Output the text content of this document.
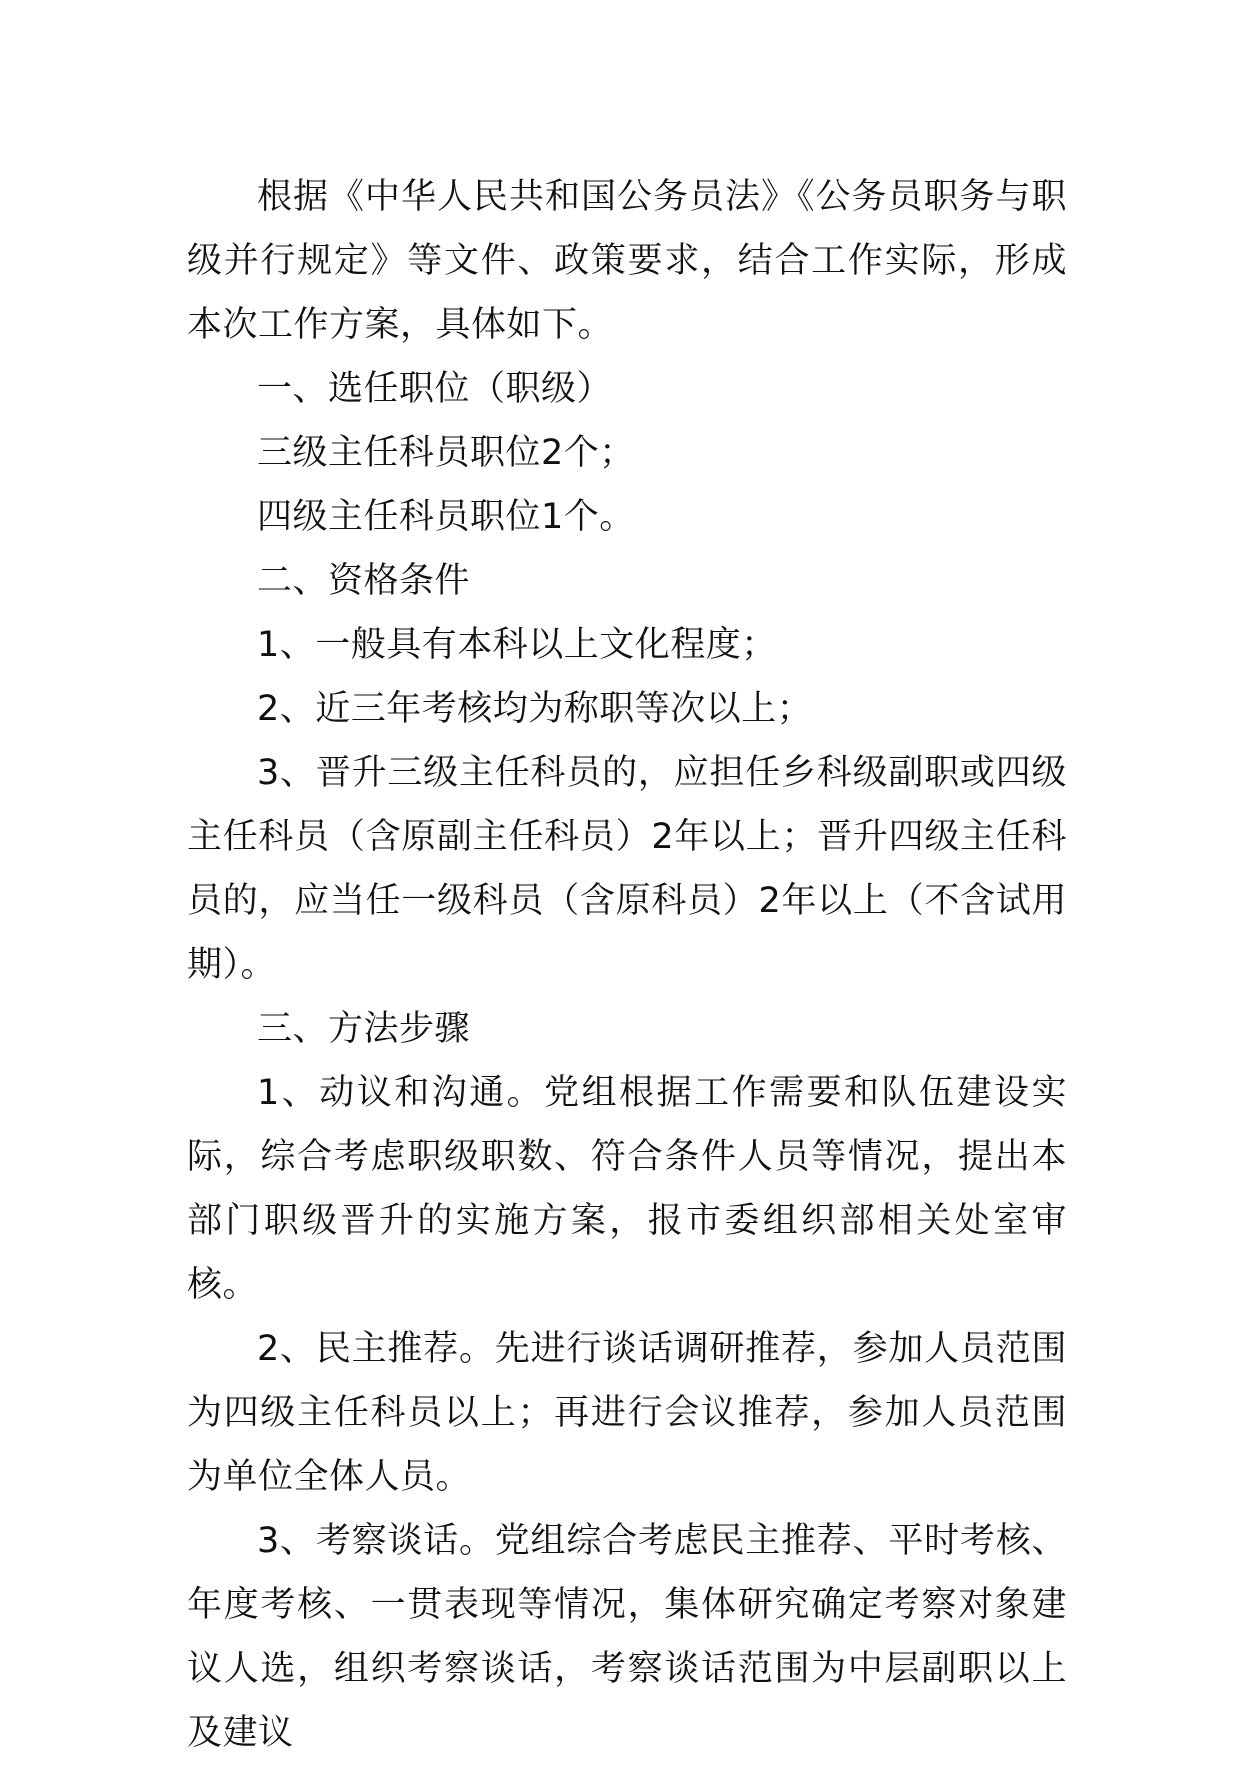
根据《中华人民共和国公务员法》《公务员职务与职级并行规定》等文件、政策要求，结合工作实际，形成本次工作方案，具体如下。

一、选任职位（职级）

三级主任科员职位2个；

四级主任科员职位1个。

二、资格条件

1、一般具有本科以上文化程度；

2、近三年考核均为称职等次以上；

3、晋升三级主任科员的，应担任乡科级副职或四级主任科员（含原副主任科员）2年以上；晋升四级主任科员的，应当任一级科员（含原科员）2年以上（不含试用期）。

三、方法步骤

1、动议和沟通。党组根据工作需要和队伍建设实际，综合考虑职级职数、符合条件人员等情况，提出本部门职级晋升的实施方案，报市委组织部相关处室审核。

2、民主推荐。先进行谈话调研推荐，参加人员范围为四级主任科员以上；再进行会议推荐，参加人员范围为单位全体人员。

3、考察谈话。党组综合考虑民主推荐、平时考核、年度考核、一贯表现等情况，集体研究确定考察对象建议人选，组织考察谈话，考察谈话范围为中层副职以上及建议
